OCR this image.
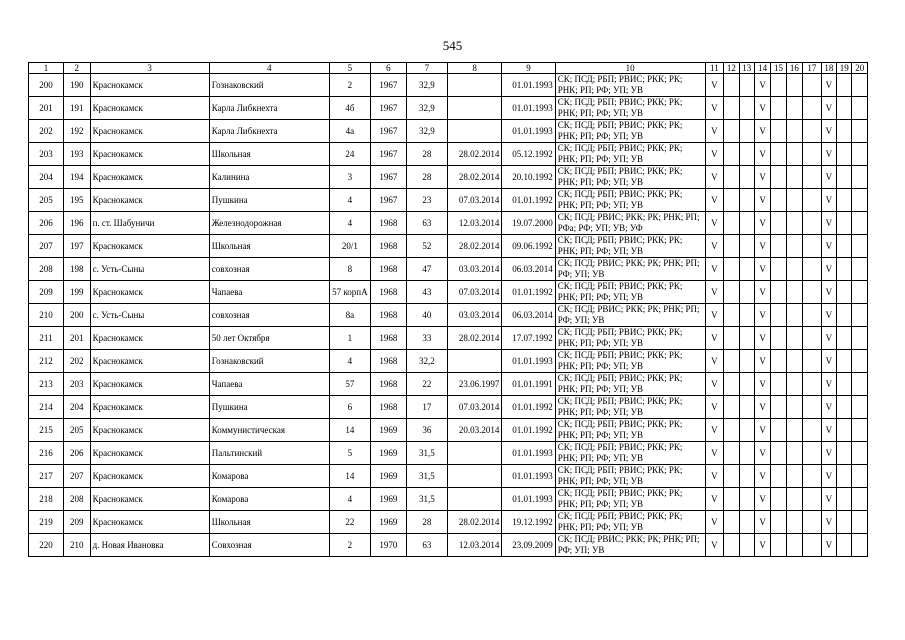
545
1	2	3	4	5	6	7	8	9	10	11	12	13	14	15	16	17	18	19	20
200	190	Краснокамск	Гознаковский	2	1967	32,9		01.01.1993	СК; ПСД; РБП; РВИС; РКК; РК; РНК; РП; РФ; УП; УВ	V			V				V		
201	191	Краснокамск	Карла Либкнехта	4б	1967	32,9		01.01.1993	СК; ПСД; РБП; РВИС; РКК; РК; РНК; РП; РФ; УП; УВ	V			V				V		
202	192	Краснокамск	Карла Либкнехта	4а	1967	32,9		01.01.1993	СК; ПСД; РБП; РВИС; РКК; РК; РНК; РП; РФ; УП; УВ	V			V				V		
203	193	Краснокамск	Школьная	24	1967	28	28.02.2014	05.12.1992	СК; ПСД; РБП; РВИС; РКК; РК; РНК; РП; РФ; УП; УВ	V			V				V		
204	194	Краснокамск	Калинина	3	1967	28	28.02.2014	20.10.1992	СК; ПСД; РБП; РВИС; РКК; РК; РНК; РП; РФ; УП; УВ	V			V				V		
205	195	Краснокамск	Пушкина	4	1967	23	07.03.2014	01.01.1992	СК; ПСД; РБП; РВИС; РКК; РК; РНК; РП; РФ; УП; УВ	V			V				V		
206	196	п. ст. Шабуничи	Железнодорожная	4	1968	63	12.03.2014	19.07.2000	СК; ПСД; РВИС; РКК; РК; РНК; РП; РФа; РФ; УП; УВ; УФ	V			V				V		
207	197	Краснокамск	Школьная	20/1	1968	52	28.02.2014	09.06.1992	СК; ПСД; РБП; РВИС; РКК; РК; РНК; РП; РФ; УП; УВ	V			V				V		
208	198	с. Усть-Сыны	совхозная	8	1968	47	03.03.2014	06.03.2014	СК; ПСД; РВИС; РКК; РК; РНК; РП; РФ; УП; УВ	V			V				V		
209	199	Краснокамск	Чапаева	57 корпА	1968	43	07.03.2014	01.01.1992	СК; ПСД; РБП; РВИС; РКК; РК; РНК; РП; РФ; УП; УВ	V			V				V		
210	200	с. Усть-Сыны	совхозная	8а	1968	40	03.03.2014	06.03.2014	СК; ПСД; РВИС; РКК; РК; РНК; РП; РФ; УП; УВ	V			V				V		
211	201	Краснокамск	50 лет Октября	1	1968	33	28.02.2014	17.07.1992	СК; ПСД; РБП; РВИС; РКК; РК; РНК; РП; РФ; УП; УВ	V			V				V		
212	202	Краснокамск	Гознаковский	4	1968	32,2		01.01.1993	СК; ПСД; РБП; РВИС; РКК; РК; РНК; РП; РФ; УП; УВ	V			V				V		
213	203	Краснокамск	Чапаева	57	1968	22	23.06.1997	01.01.1991	СК; ПСД; РБП; РВИС; РКК; РК; РНК; РП; РФ; УП; УВ	V			V				V		
214	204	Краснокамск	Пушкина	6	1968	17	07.03.2014	01.01.1992	СК; ПСД; РБП; РВИС; РКК; РК; РНК; РП; РФ; УП; УВ	V			V				V		
215	205	Краснокамск	Коммунистическая	14	1969	36	20.03.2014	01.01.1992	СК; ПСД; РБП; РВИС; РКК; РК; РНК; РП; РФ; УП; УВ	V			V				V		
216	206	Краснокамск	Пальтинский	5	1969	31,5		01.01.1993	СК; ПСД; РБП; РВИС; РКК; РК; РНК; РП; РФ; УП; УВ	V			V				V		
217	207	Краснокамск	Комарова	14	1969	31,5		01.01.1993	СК; ПСД; РБП; РВИС; РКК; РК; РНК; РП; РФ; УП; УВ	V			V				V		
218	208	Краснокамск	Комарова	4	1969	31,5		01.01.1993	СК; ПСД; РБП; РВИС; РКК; РК; РНК; РП; РФ; УП; УВ	V			V				V		
219	209	Краснокамск	Школьная	22	1969	28	28.02.2014	19.12.1992	СК; ПСД; РБП; РВИС; РКК; РК; РНК; РП; РФ; УП; УВ	V			V				V		
220	210	д. Новая Ивановка	Совхозная	2	1970	63	12.03.2014	23.09.2009	СК; ПСД; РВИС; РКК; РК; РНК; РП; РФ; УП; УВ	V			V				V		
